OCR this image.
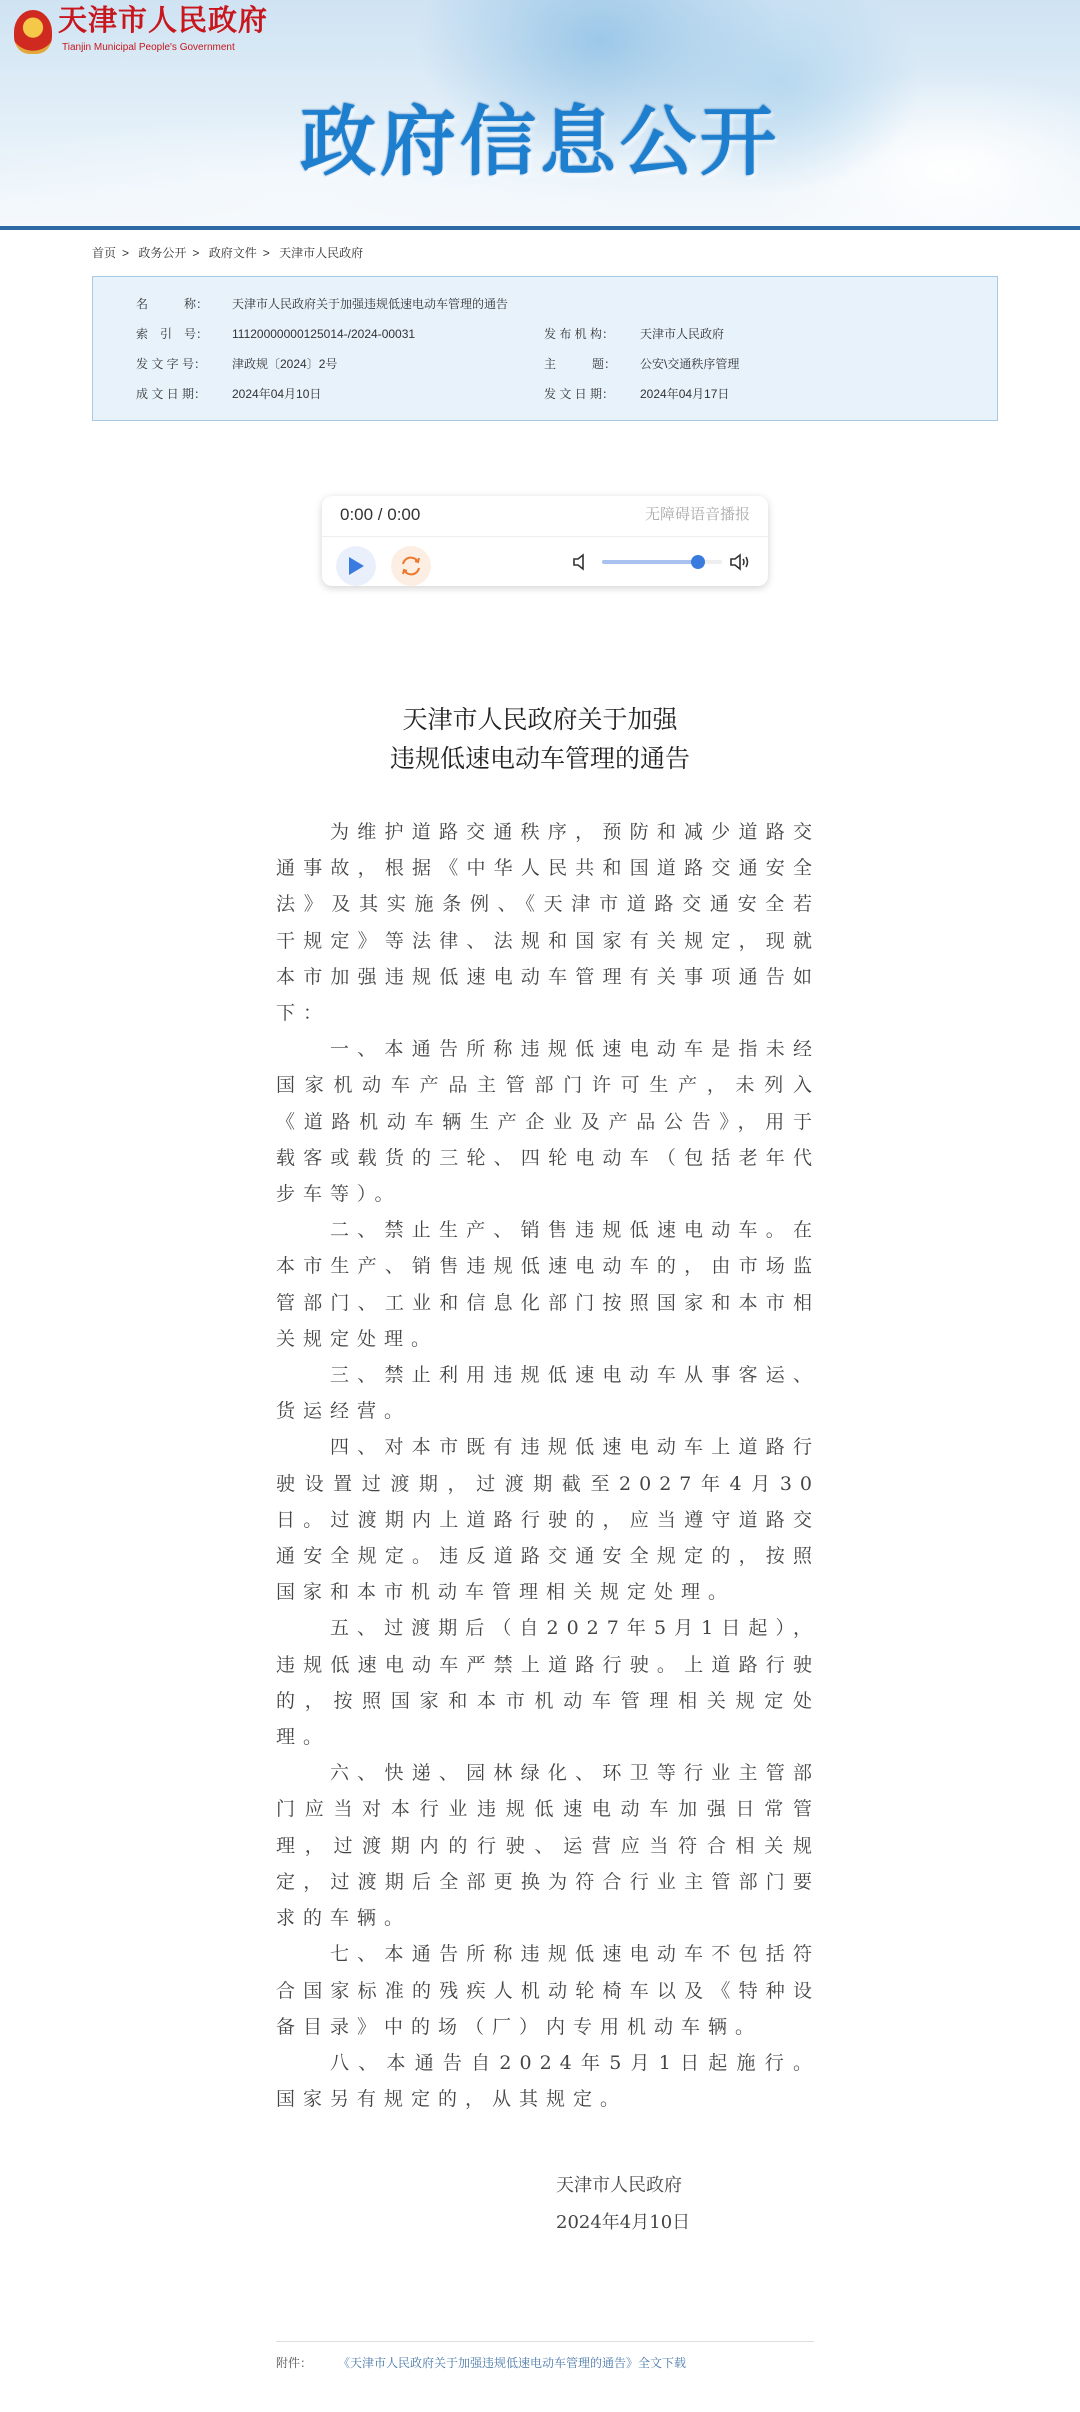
天津市人民政府
Tianjin Municipal People's Government
政府信息公开
首页 > 政务公开 > 政府文件 > 天津市人民政府
名　　　称：	天津市人民政府关于加强违规低速电动车管理的通告
索　引　号：	11120000000125014-/2024-00031	发 布 机 构：	天津市人民政府
发 文 字 号：	津政规〔2024〕2号	主　　　题：	公安\交通秩序管理
成 文 日 期：	2024年04月10日	发 文 日 期：	2024年04月17日
0:00 / 0:00	无障碍语音播报
天津市人民政府关于加强
违规低速电动车管理的通告

为维护道路交通秩序，预防和减少道路交通事故，根据《中华人民共和国道路交通安全法》及其实施条例、《天津市道路交通安全若干规定》等法律、法规和国家有关规定，现就本市加强违规低速电动车管理有关事项通告如下：

一、本通告所称违规低速电动车是指未经国家机动车产品主管部门许可生产，未列入《道路机动车辆生产企业及产品公告》，用于载客或载货的三轮、四轮电动车（包括老年代步车等）。

二、禁止生产、销售违规低速电动车。在本市生产、销售违规低速电动车的，由市场监管部门、工业和信息化部门按照国家和本市相关规定处理。

三、禁止利用违规低速电动车从事客运、货运经营。

四、对本市既有违规低速电动车上道路行驶设置过渡期，过渡期截至2027年4月30日。过渡期内上道路行驶的，应当遵守道路交通安全规定。违反道路交通安全规定的，按照国家和本市机动车管理相关规定处理。

五、过渡期后（自2027年5月1日起），违规低速电动车严禁上道路行驶。上道路行驶的，按照国家和本市机动车管理相关规定处理。

六、快递、园林绿化、环卫等行业主管部门应当对本行业违规低速电动车加强日常管理，过渡期内的行驶、运营应当符合相关规定，过渡期后全部更换为符合行业主管部门要求的车辆。

七、本通告所称违规低速电动车不包括符合国家标准的残疾人机动轮椅车以及《特种设备目录》中的场（厂）内专用机动车辆。

八、本通告自2024年5月1日起施行。国家另有规定的，从其规定。

天津市人民政府
2024年4月10日
附件：	《天津市人民政府关于加强违规低速电动车管理的通告》全文下载
